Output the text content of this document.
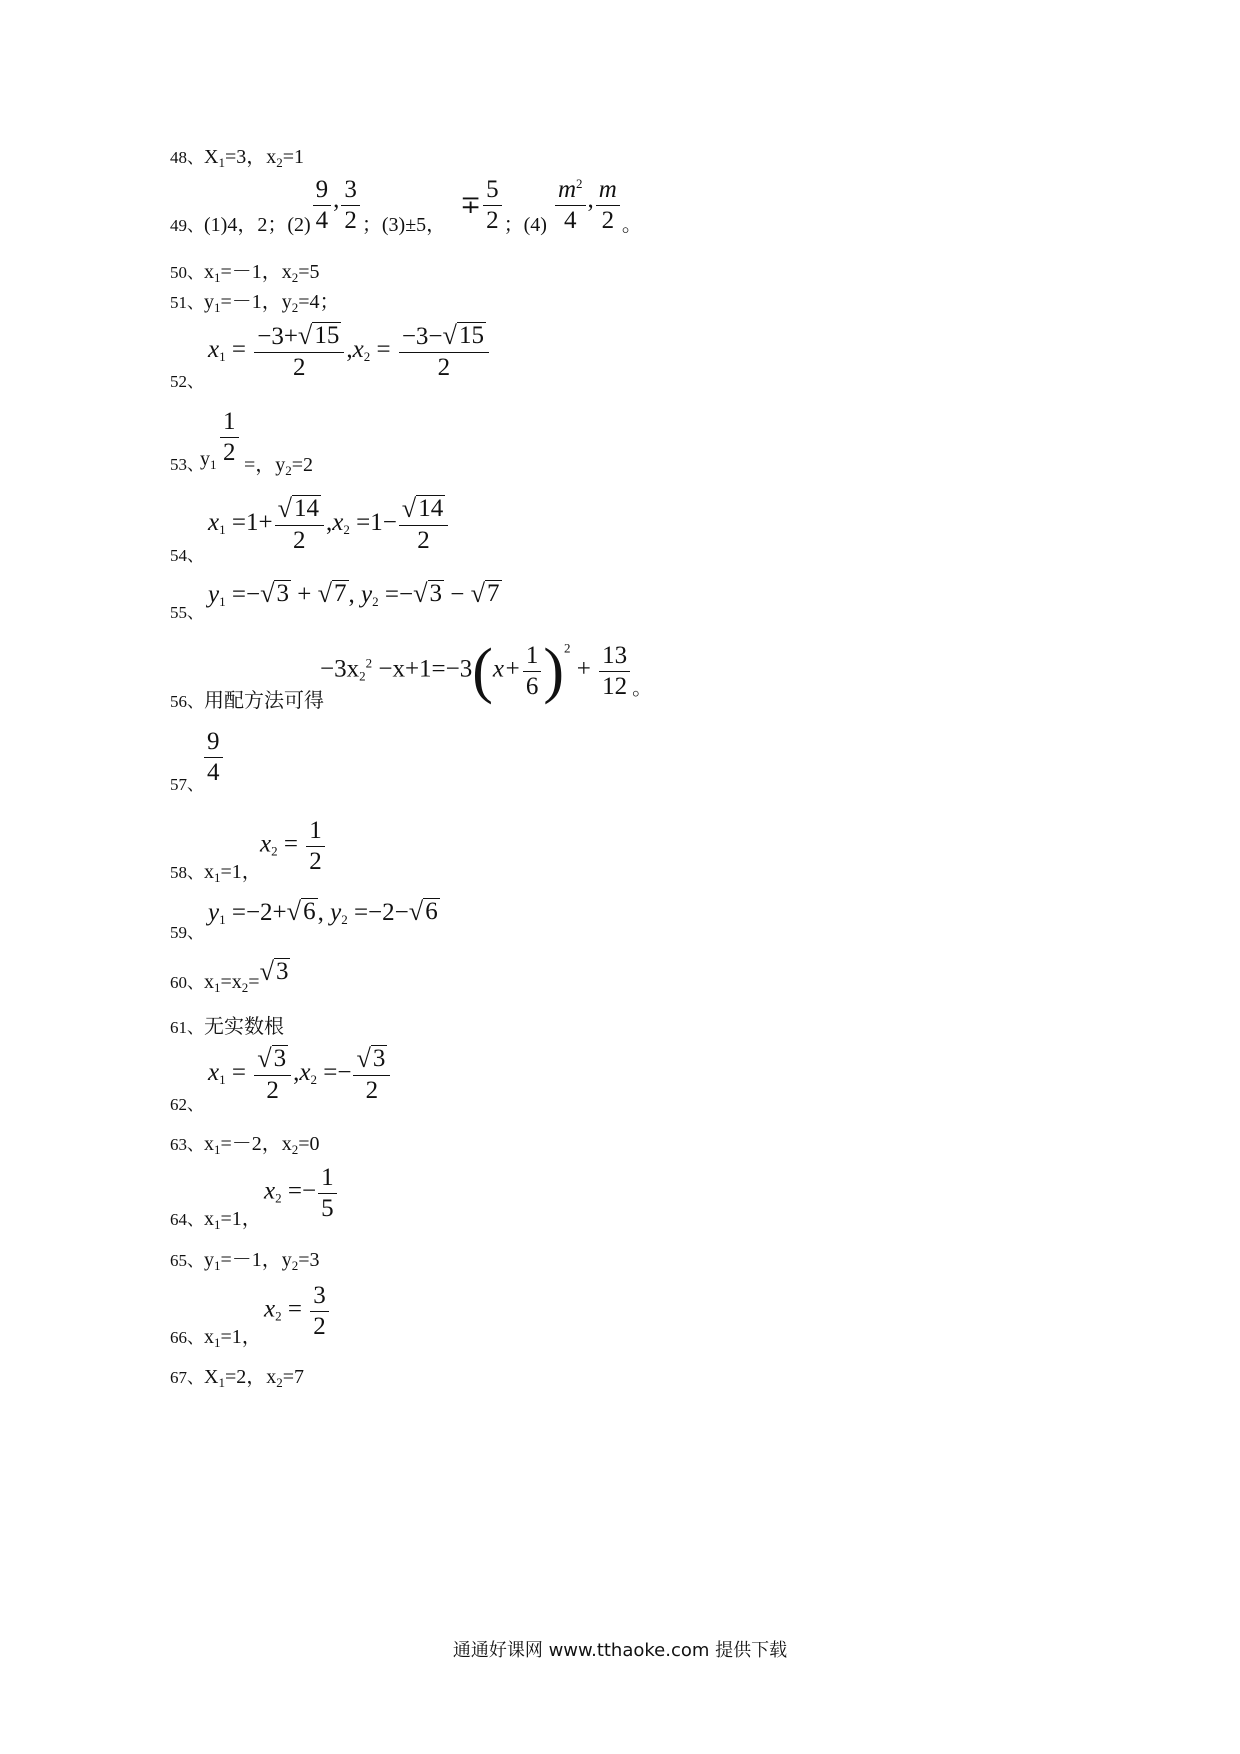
48、$X_1=3$，$x_2=1$
$_{49、}$(1)4，2；$(2) \frac{9}{4}$ , $\frac{3}{2}$ ；(3)±5，∓ $\frac{5}{2}$ ；$(4) \frac{m^2}{4}$ , $\frac{m}{2}$ 。
50、$x_1=-1$，$x_2=5$
51、$y_1=-1$，$y_2=4$；
52、
$x_1 = \frac{-3+ √ 15}{2} ,x_2 = \frac{-3- √ 15}{2}$
53、
$y_1 \frac{1}{2}$ =，$y_2=2$
54、
$x_1 =1+ \frac{√ 14}{2} ,x_2 =1- \frac{√ 14}{2}$
55、
$y_1$ =− √ 3 + √ 7 , $y_2$ =− √ 3 − √ 7
56、用配方法可得
$-3x_2^2 -x+1=-3(x+ \frac{1}{6} )^2 + \frac{13}{12} _。$
57、 $\frac{9}{4}$
58、$x_1=1$，
$x_2 = \frac{1}{2}$
59、
$y_1 =-2+$ √ 6 , $y_2 =-2-$ √ 6
60、$x_1=x_2=$ √ 3
61、无实数根
62、
$x_1 = \frac{√ 3}{2} ,x_2 =- \frac{√ 3}{2}$
63、$x_1=-2$，$x_2=0$
64、$x_1=1$，
$x_2 =- \frac{1}{5}$
65、$y_1=-1$，$y_2=3$
66、$x_1=1$，
$x_2 = \frac{3}{2}$
67、$X_1=2$，$x_2=7$
通通好课网 www.tthaoke.com 提供下载
